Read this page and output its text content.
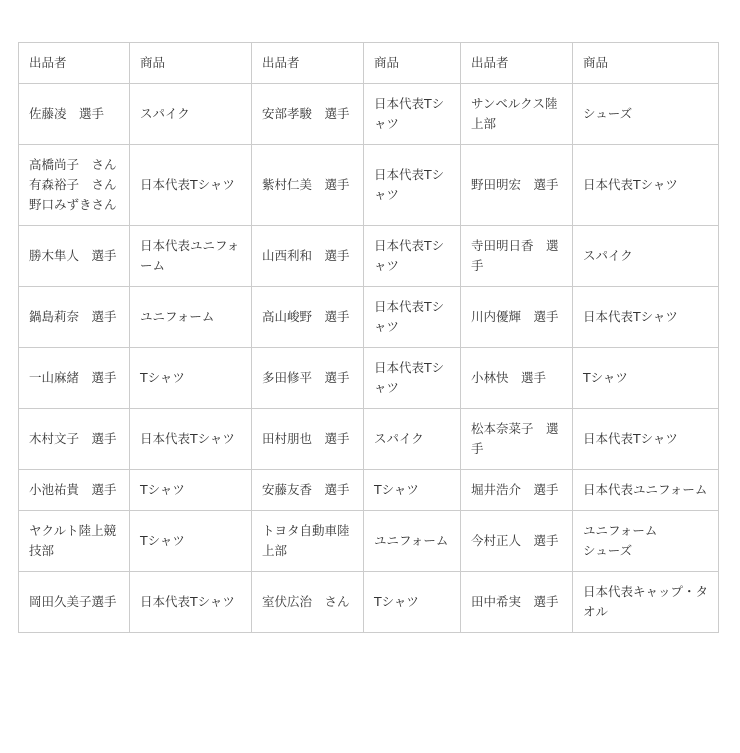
出品者	商品	出品者	商品	出品者	商品
佐藤凌　選手	スパイク	安部孝駿　選手	日本代表Tシャツ	サンベルクス陸上部	シューズ
高橋尚子　さん
有森裕子　さん
野口みずきさん	日本代表Tシャツ	紫村仁美　選手	日本代表Tシャツ	野田明宏　選手	日本代表Tシャツ
勝木隼人　選手	日本代表ユニフォーム	山西利和　選手	日本代表Tシャツ	寺田明日香　選手	スパイク
鍋島莉奈　選手	ユニフォーム	高山峻野　選手	日本代表Tシャツ	川内優輝　選手	日本代表Tシャツ
一山麻緒　選手	Tシャツ	多田修平　選手	日本代表Tシャツ	小林快　選手	Tシャツ
木村文子　選手	日本代表Tシャツ	田村朋也　選手	スパイク	松本奈菜子　選手	日本代表Tシャツ
小池祐貴　選手	Tシャツ	安藤友香　選手	Tシャツ	堀井浩介　選手	日本代表ユニフォーム
ヤクルト陸上競技部	Tシャツ	トヨタ自動車陸上部	ユニフォーム	今村正人　選手	ユニフォーム
シューズ
岡田久美子選手	日本代表Tシャツ	室伏広治　さん	Tシャツ	田中希実　選手	日本代表キャップ・タオル
